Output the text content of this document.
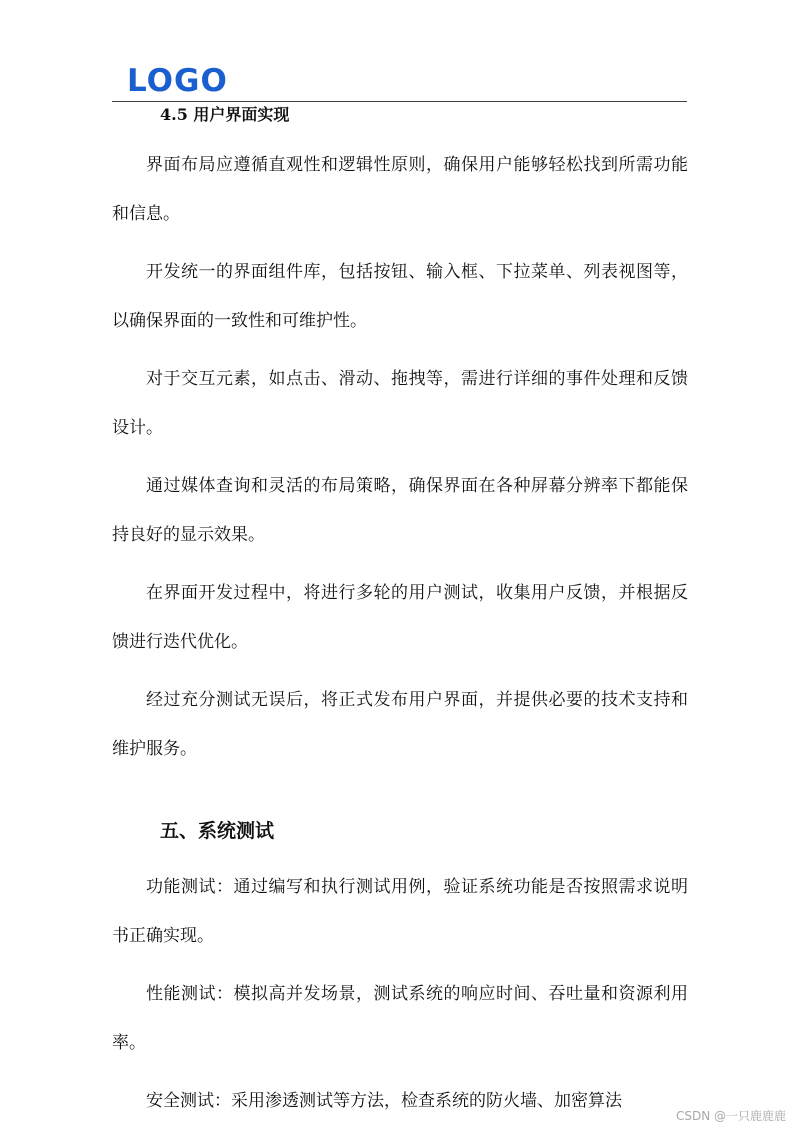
LOGO
4.5 用户界面实现

界面布局应遵循直观性和逻辑性原则，确保用户能够轻松找到所需功能和信息。

开发统一的界面组件库，包括按钮、输入框、下拉菜单、列表视图等，以确保界面的一致性和可维护性。

对于交互元素，如点击、滑动、拖拽等，需进行详细的事件处理和反馈设计。

通过媒体查询和灵活的布局策略，确保界面在各种屏幕分辨率下都能保持良好的显示效果。

在界面开发过程中，将进行多轮的用户测试，收集用户反馈，并根据反馈进行迭代优化。

经过充分测试无误后，将正式发布用户界面，并提供必要的技术支持和维护服务。

五、系统测试

功能测试：通过编写和执行测试用例，验证系统功能是否按照需求说明书正确实现。

性能测试：模拟高并发场景，测试系统的响应时间、吞吐量和资源利用率。

安全测试：采用渗透测试等方法，检查系统的防火墙、加密算法

CSDN @一只鹿鹿鹿
